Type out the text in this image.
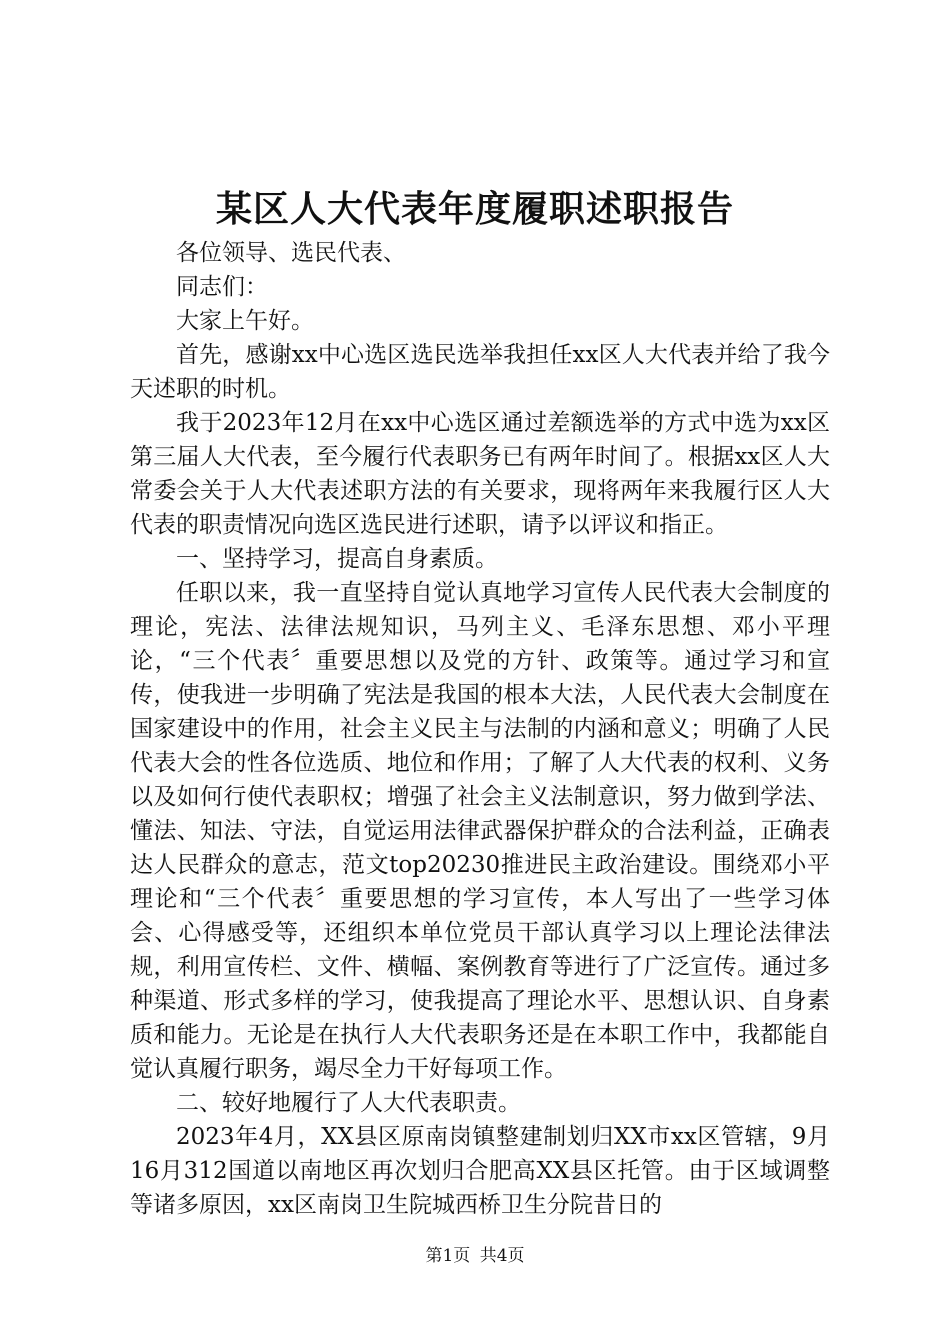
某区人大代表年度履职述职报告

各位领导、选民代表、

同志们：

大家上午好。

首先，感谢xx中心选区选民选举我担任xx区人大代表并给了我今天述职的时机。

我于2023年12月在xx中心选区通过差额选举的方式中选为xx区第三届人大代表，至今履行代表职务已有两年时间了。根据xx区人大常委会关于人大代表述职方法的有关要求，现将两年来我履行区人大代表的职责情况向选区选民进行述职，请予以评议和指正。

一、坚持学习，提高自身素质。

任职以来，我一直坚持自觉认真地学习宣传人民代表大会制度的理论，宪法、法律法规知识，马列主义、毛泽东思想、邓小平理论，“三个代表〞重要思想以及党的方针、政策等。通过学习和宣传，使我进一步明确了宪法是我国的根本大法，人民代表大会制度在国家建设中的作用，社会主义民主与法制的内涵和意义；明确了人民代表大会的性各位选质、地位和作用；了解了人大代表的权利、义务以及如何行使代表职权；增强了社会主义法制意识，努力做到学法、懂法、知法、守法，自觉运用法律武器保护群众的合法利益，正确表达人民群众的意志，范文top20230推进民主政治建设。围绕邓小平理论和“三个代表〞重要思想的学习宣传，本人写出了一些学习体会、心得感受等，还组织本单位党员干部认真学习以上理论法律法规，利用宣传栏、文件、横幅、案例教育等进行了广泛宣传。通过多种渠道、形式多样的学习，使我提高了理论水平、思想认识、自身素质和能力。无论是在执行人大代表职务还是在本职工作中，我都能自觉认真履行职务，竭尽全力干好每项工作。

二、较好地履行了人大代表职责。

2023年4月，XX县区原南岗镇整建制划归XX市xx区管辖，9月16月312国道以南地区再次划归合肥高XX县区托管。由于区域调整等诸多原因，xx区南岗卫生院城西桥卫生分院昔日的

第1页 共4页
